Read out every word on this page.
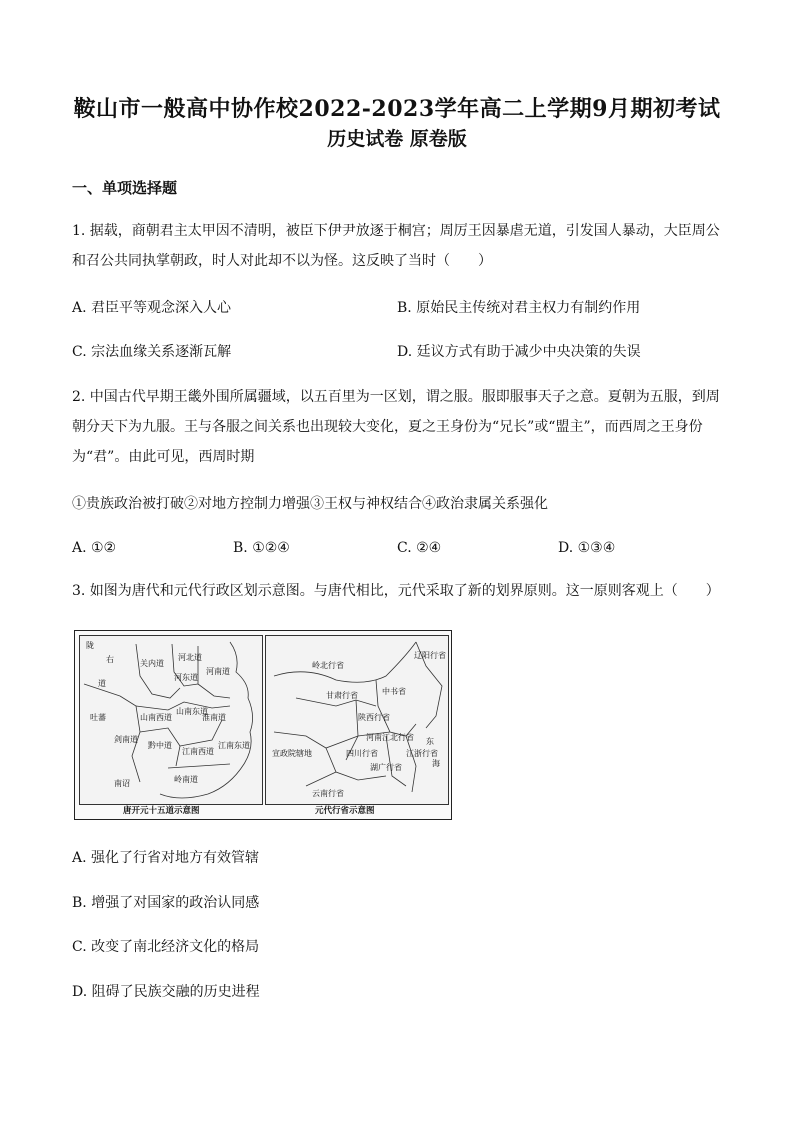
鞍山市一般高中协作校2022-2023学年高二上学期9月期初考试
历史试卷 原卷版
一、单项选择题
1. 据载，商朝君主太甲因不清明，被臣下伊尹放逐于桐宫；周厉王因暴虐无道，引发国人暴动，大臣周公和召公共同执掌朝政，时人对此却不以为怪。这反映了当时（　　）
A. 君臣平等观念深入人心	B. 原始民主传统对君主权力有制约作用
C. 宗法血缘关系逐渐瓦解	D. 廷议方式有助于减少中央决策的失误
2. 中国古代早期王畿外围所属疆域，以五百里为一区划，谓之服。服即服事天子之意。夏朝为五服，到周朝分天下为九服。王与各服之间关系也出现较大变化，夏之王身份为“兄长”或“盟主”，而西周之王身份为“君”。由此可见，西周时期
①贵族政治被打破②对地方控制力增强③王权与神权结合④政治隶属关系强化
A. ①②	B. ①②④	C. ②④	D. ①③④
3. 如图为唐代和元代行政区划示意图。与唐代相比，元代采取了新的划界原则。这一原则客观上（　　）
陇
右
道
关内道
河北道
河东道
河南道
吐蕃	山南西道
山南东道
淮南道
剑南道
黔中道
江南西道
江南东道
岭南道
南诏
唐开元十五道示意图
辽阳行省
岭北行省
甘肃行省	中书省
陕西行省
河南江北行省
四川行省
宣政院辖地
湖广行省
江浙行省
云南行省
东
海
元代行省示意图
A. 强化了行省对地方有效管辖
B. 增强了对国家的政治认同感
C. 改变了南北经济文化的格局
D. 阻碍了民族交融的历史进程
